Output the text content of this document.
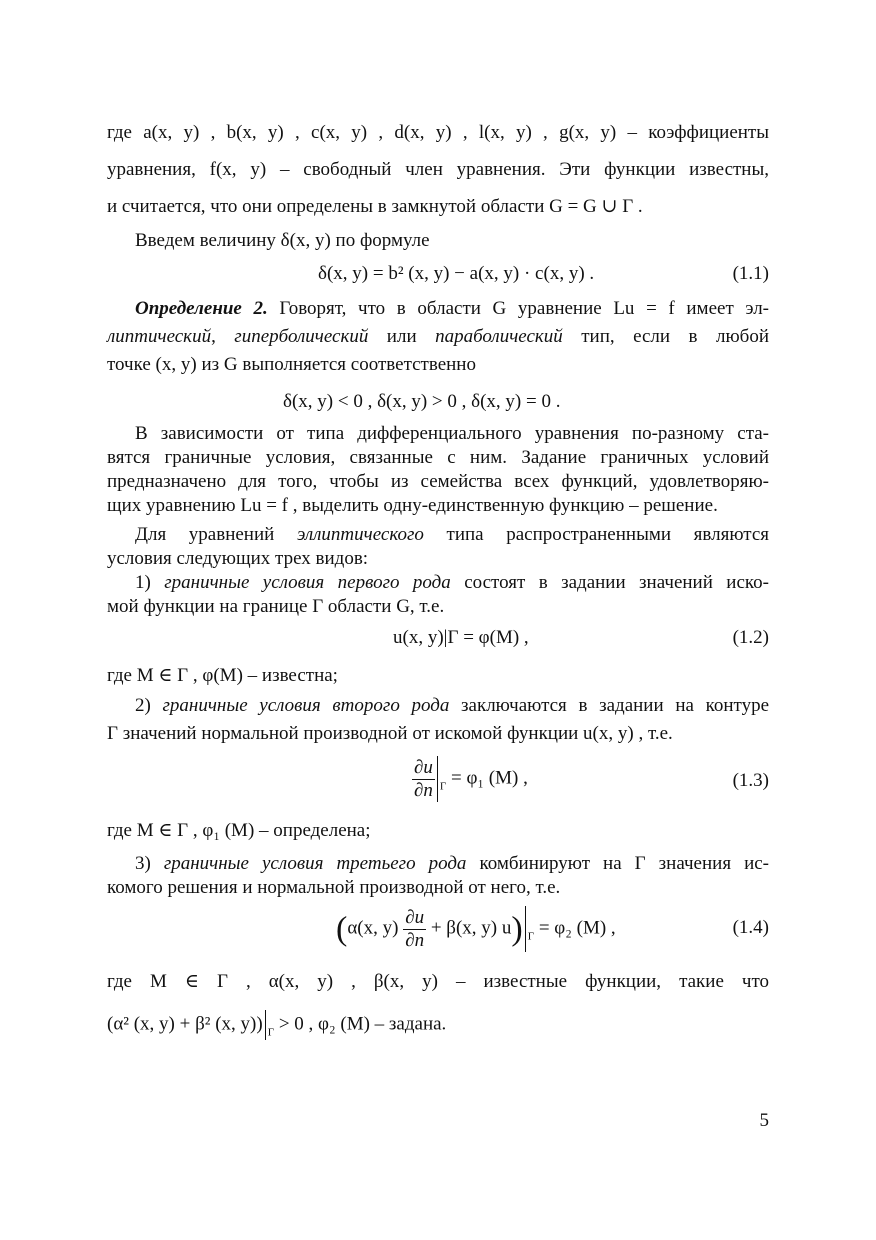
где a(x, y) , b(x, y) , c(x, y) , d(x, y) , l(x, y) , g(x, y) – коэффициенты
уравнения, f(x, y) – свободный член уравнения. Эти функции известны,
и считается, что они определены в замкнутой области G = G ∪ Γ .
Введем величину δ(x, y) по формуле
δ(x, y) = b² (x, y) − a(x, y) · c(x, y) .	(1.1)
Определение 2. Говорят, что в области G уравнение Lu = f имеет эл-
липтический, гиперболический или параболический тип, если в любой
точке (x, y) из G выполняется соответственно
δ(x, y) < 0 , δ(x, y) > 0 , δ(x, y) = 0 .
В зависимости от типа дифференциального уравнения по-разному ста-
вятся граничные условия, связанные с ним. Задание граничных условий
предназначено для того, чтобы из семейства всех функций, удовлетворяю-
щих уравнению Lu = f , выделить одну-единственную функцию – решение.
Для уравнений эллиптического типа распространенными являются
условия следующих трех видов:
1) граничные условия первого рода состоят в задании значений иско-
мой функции на границе Γ области G, т.е.
u(x, y)|Γ = φ(M) ,	(1.2)
где M ∈ Γ , φ(M) – известна;
2) граничные условия второго рода заключаются в задании на контуре
Γ значений нормальной производной от искомой функции u(x, y) , т.е.
$\frac{\partial u}{\partial n} _\Gamma = \varphi_1$ (M) ,	(1.3)
где M ∈ Γ , φ₁ (M) – определена;
3) граничные условия третьего рода комбинируют на Γ значения ис-
комого решения и нормальной производной от него, т.е.
(α(x, $y) \frac{\partial u}{\partial n} + \beta(x$, y) u) $_\Gamma$ = φ₂ (M) ,	(1.4)
где M ∈ Γ , α(x, y) , β(x, y) – известные функции, такие что
(α² (x, y) + β² (x, y)) $_\Gamma$ > 0 , φ₂ (M) – задана.
5
